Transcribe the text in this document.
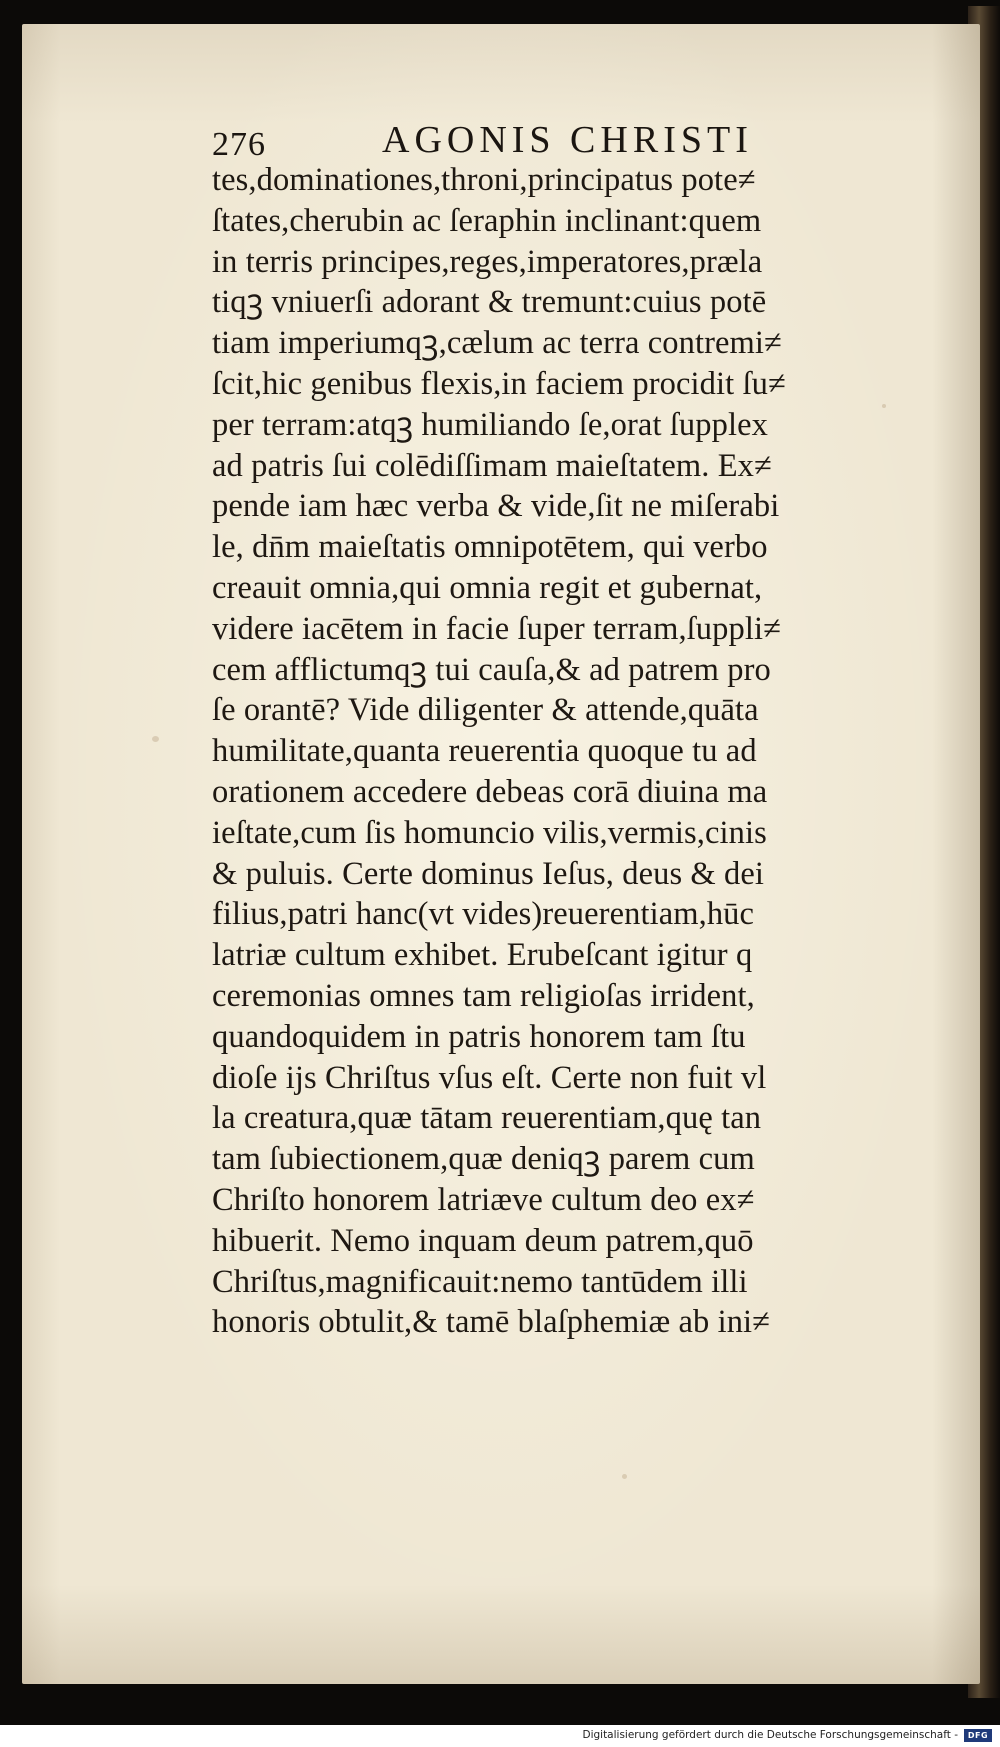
276	AGONIS CHRISTI
tes,dominationes,throni,principatus pote≠
ſtates,cherubin ac ſeraphin inclinant:quem
in terris principes,reges,imperatores,prælа
tiqꝫ vniuerſi adorant & tremunt:cuius potē
tiam imperiumqꝫ,cælum ac terra contremi≠
ſcit,hic genibus flexis,in faciem procidit ſu≠
per terram:atqꝫ humiliando ſe,orat ſupplex
ad patris ſui colēdiſſimam maieſtatem. Ex≠
pende iam hæc verba & vide,ſit ne miſerabi
le, dn̄m maieſtatis omnipotētem, qui verbo
creauit omnia,qui omnia regit et gubernat,
videre iacētem in facie ſuper terram,ſuppli≠
cem afflictumqꝫ tui cauſa,& ad patrem pro
ſe orantē? Vide diligenter & attende,quāta
humilitate,quanta reuerentia quoque tu ad
orationem accedere debeas corā diuina ma
ieſtate,cum ſis homuncio vilis,vermis,cinis
& puluis. Certe dominus Ieſus, deus & dei
filius,patri hanc(vt vides)reuerentiam,hūc
latriæ cultum exhibet. Erubeſcant igitur q
ceremonias omnes tam religioſas irrident,
quandoquidem in patris honorem tam ſtu
dioſe ijs Chriſtus vſus eſt. Certe non fuit vl
la creatura,quæ tātam reuerentiam,quę tan
tam ſubiectionem,quæ deniqꝫ parem cum
Chriſto honorem latriæve cultum deo ex≠
hibuerit. Nemo inquam deum patrem,quō
Chriſtus,magnificauit:nemo tantūdem illi
honoris obtulit,& tamē blaſphemiæ ab ini≠
Digitalisierung gefördert durch die Deutsche Forschungsgemeinschaft -	DFG
